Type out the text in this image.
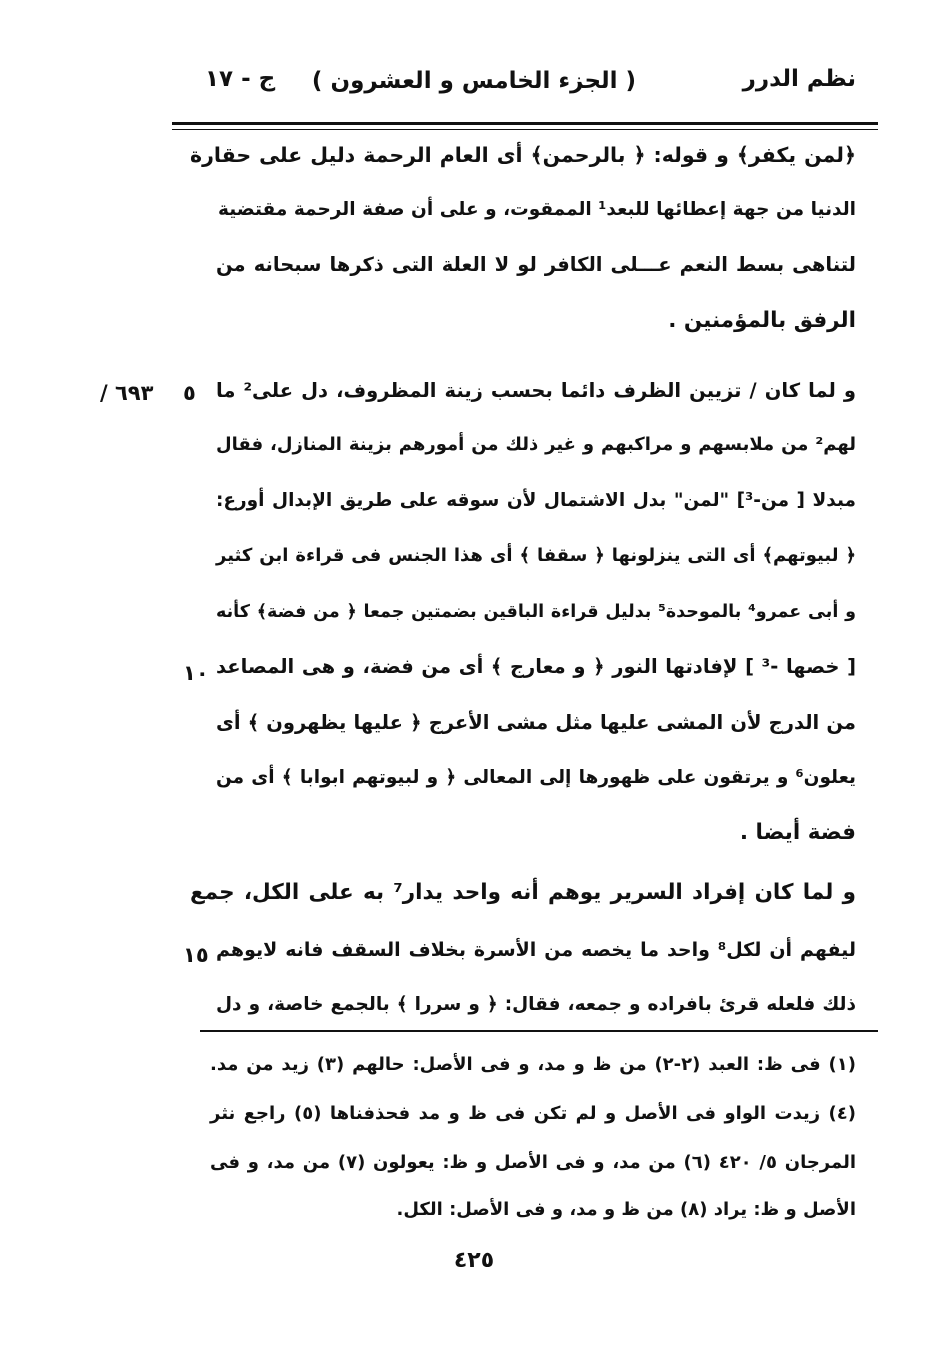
نظم الدرر
( الجزء الخامس و العشرون )
ج - ١٧
﴿لمن يكفر﴾ و قوله: ﴿ بالرحمن﴾ أى العام الرحمة دليل على حقارة
الدنيا من جهة إعطائها للبعد¹ الممقوت، و على أن صفة الرحمة مقتضية
لتناهى بسط النعم عـــلى الكافر لو لا العلة التى ذكرها سبحانه من
الرفق بالمؤمنين .
و لما كان / تزيين الظرف دائما بحسب زينة المظروف، دل على² ما
لهم² من ملابسهم و مراكبهم و غير ذلك من أمورهم بزينة المنازل، فقال
مبدلا [ من-³] "لمن" بدل الاشتمال لأن سوقه على طريق الإبدال أورع:
﴿ لبيوتهم﴾ أى التى ينزلونها ﴿ سقفا ﴾ أى هذا الجنس فى قراءة ابن كثير
و أبى عمرو⁴ بالموحدة⁵ بدليل قراءة الباقين بضمتين جمعا ﴿ من فضة﴾ كأنه
[ خصها -³ ] لإفادتها النور ﴿ و معارج ﴾ أى من فضة، و هى المصاعد
من الدرج لأن المشى عليها مثل مشى الأعرج ﴿ عليها يظهرون ﴾ أى
يعلون⁶ و يرتقون على ظهورها إلى المعالى ﴿ و لبيوتهم ابوابا ﴾ أى من
فضة أيضا .
و لما كان إفراد السرير يوهم أنه واحد يدار⁷ به على الكل، جمع
ليفهم أن لكل⁸ واحد ما يخصه من الأسرة بخلاف السقف فانه لايوهم
ذلك فلعله قرئ بافراده و جمعه، فقال: ﴿ و سررا ﴾ بالجمع خاصة، و دل
٥
/ ٦٩٣
١٠
١٥
(١) فى ظ: العبد (٢-٢) من ظ و مد، و فى الأصل: حالهم (٣) زيد من مد.
(٤) زيدت الواو فى الأصل و لم تكن فى ظ و مد فحذفناها (٥) راجع نثر
المرجان ٥/ ٤٢٠ (٦) من مد، و فى الأصل و ظ: يعولون (٧) من مد، و فى
الأصل و ظ: يراد (٨) من ظ و مد، و فى الأصل: الكل.
٤٢٥
